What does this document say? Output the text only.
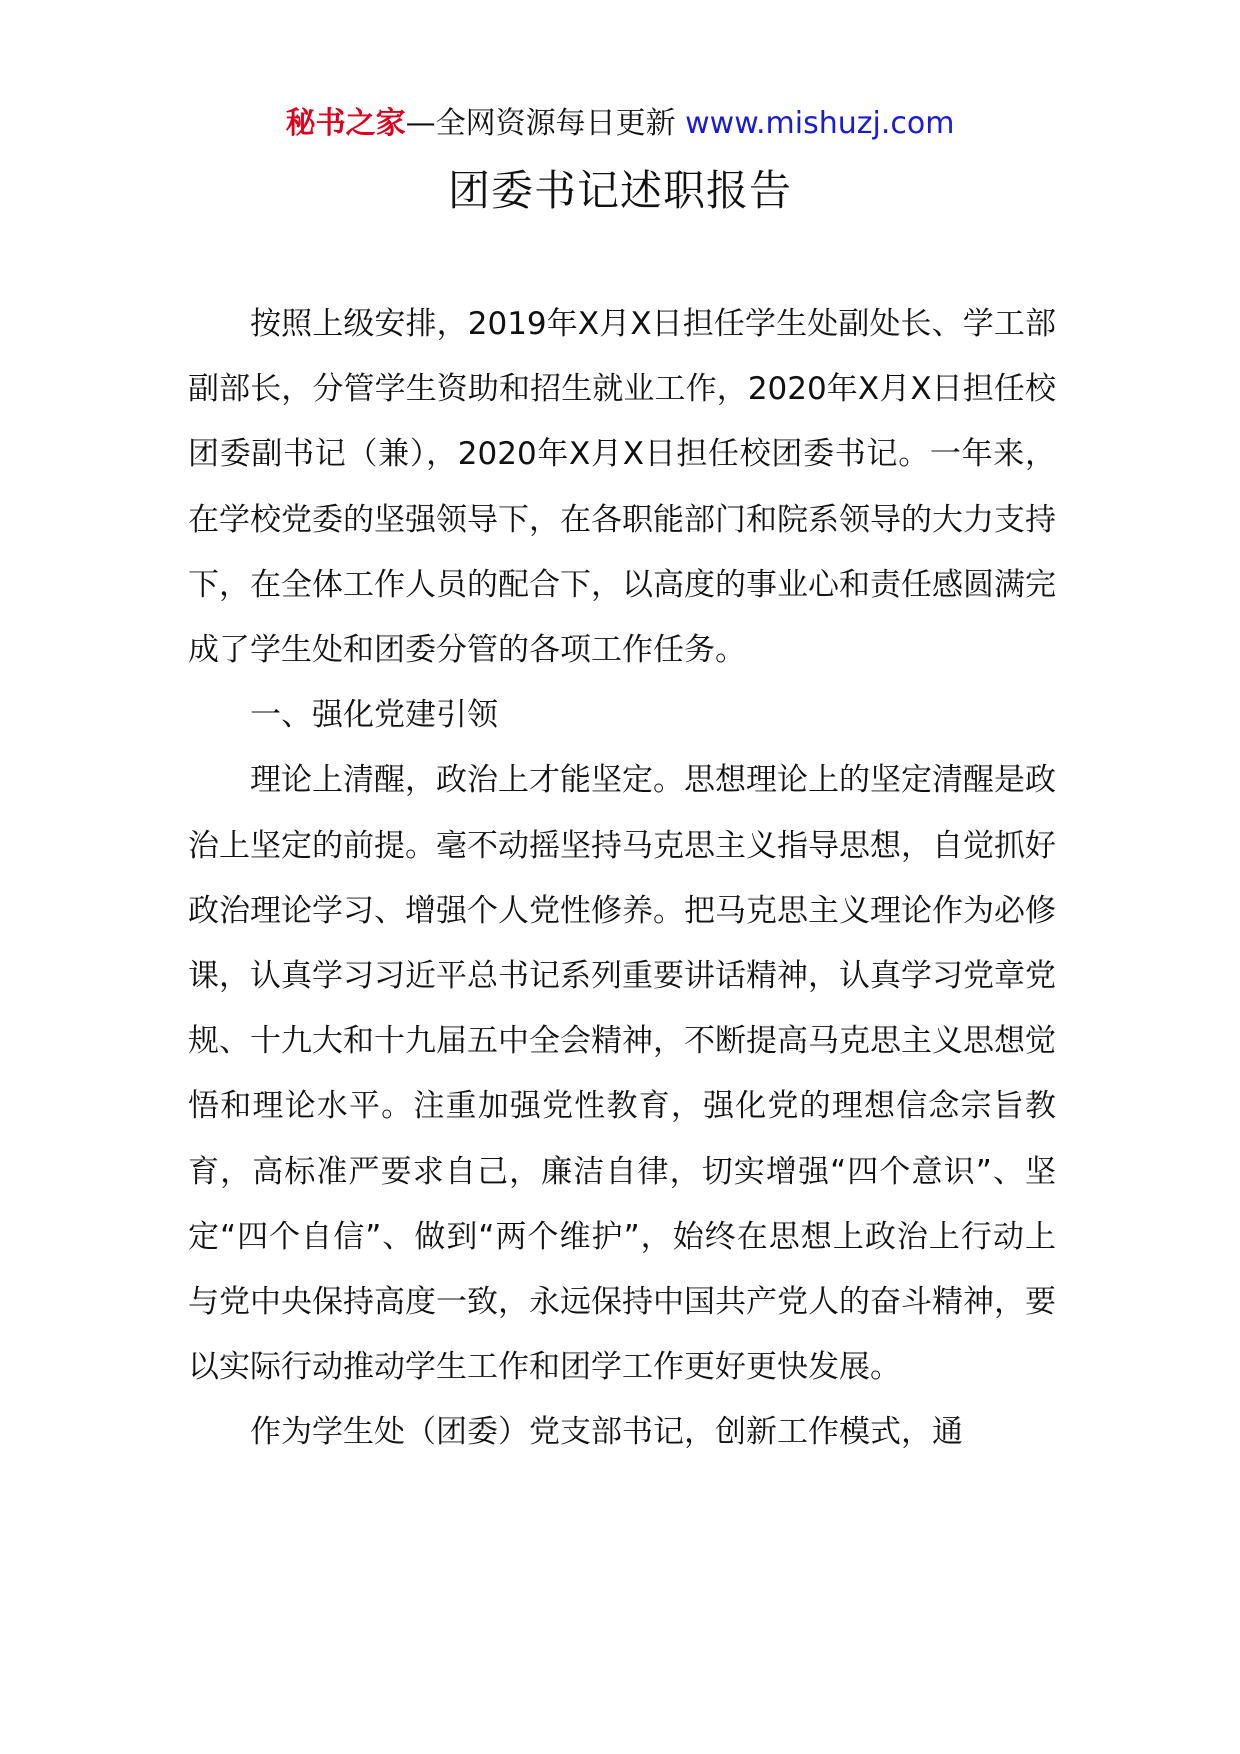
秘书之家—全网资源每日更新 www.mishuzj.com
团委书记述职报告

按照上级安排，2019年X月X日担任学生处副处长、学工部副部长，分管学生资助和招生就业工作，2020年X月X日担任校团委副书记（兼），2020年X月X日担任校团委书记。一年来，在学校党委的坚强领导下，在各职能部门和院系领导的大力支持下，在全体工作人员的配合下，以高度的事业心和责任感圆满完成了学生处和团委分管的各项工作任务。

一、强化党建引领

理论上清醒，政治上才能坚定。思想理论上的坚定清醒是政治上坚定的前提。毫不动摇坚持马克思主义指导思想，自觉抓好政治理论学习、增强个人党性修养。把马克思主义理论作为必修课，认真学习习近平总书记系列重要讲话精神，认真学习党章党规、十九大和十九届五中全会精神，不断提高马克思主义思想觉悟和理论水平。注重加强党性教育，强化党的理想信念宗旨教育，高标准严要求自己，廉洁自律，切实增强“四个意识”、坚定“四个自信”、做到“两个维护”，始终在思想上政治上行动上与党中央保持高度一致，永远保持中国共产党人的奋斗精神，要以实际行动推动学生工作和团学工作更好更快发展。

作为学生处（团委）党支部书记，创新工作模式，通
